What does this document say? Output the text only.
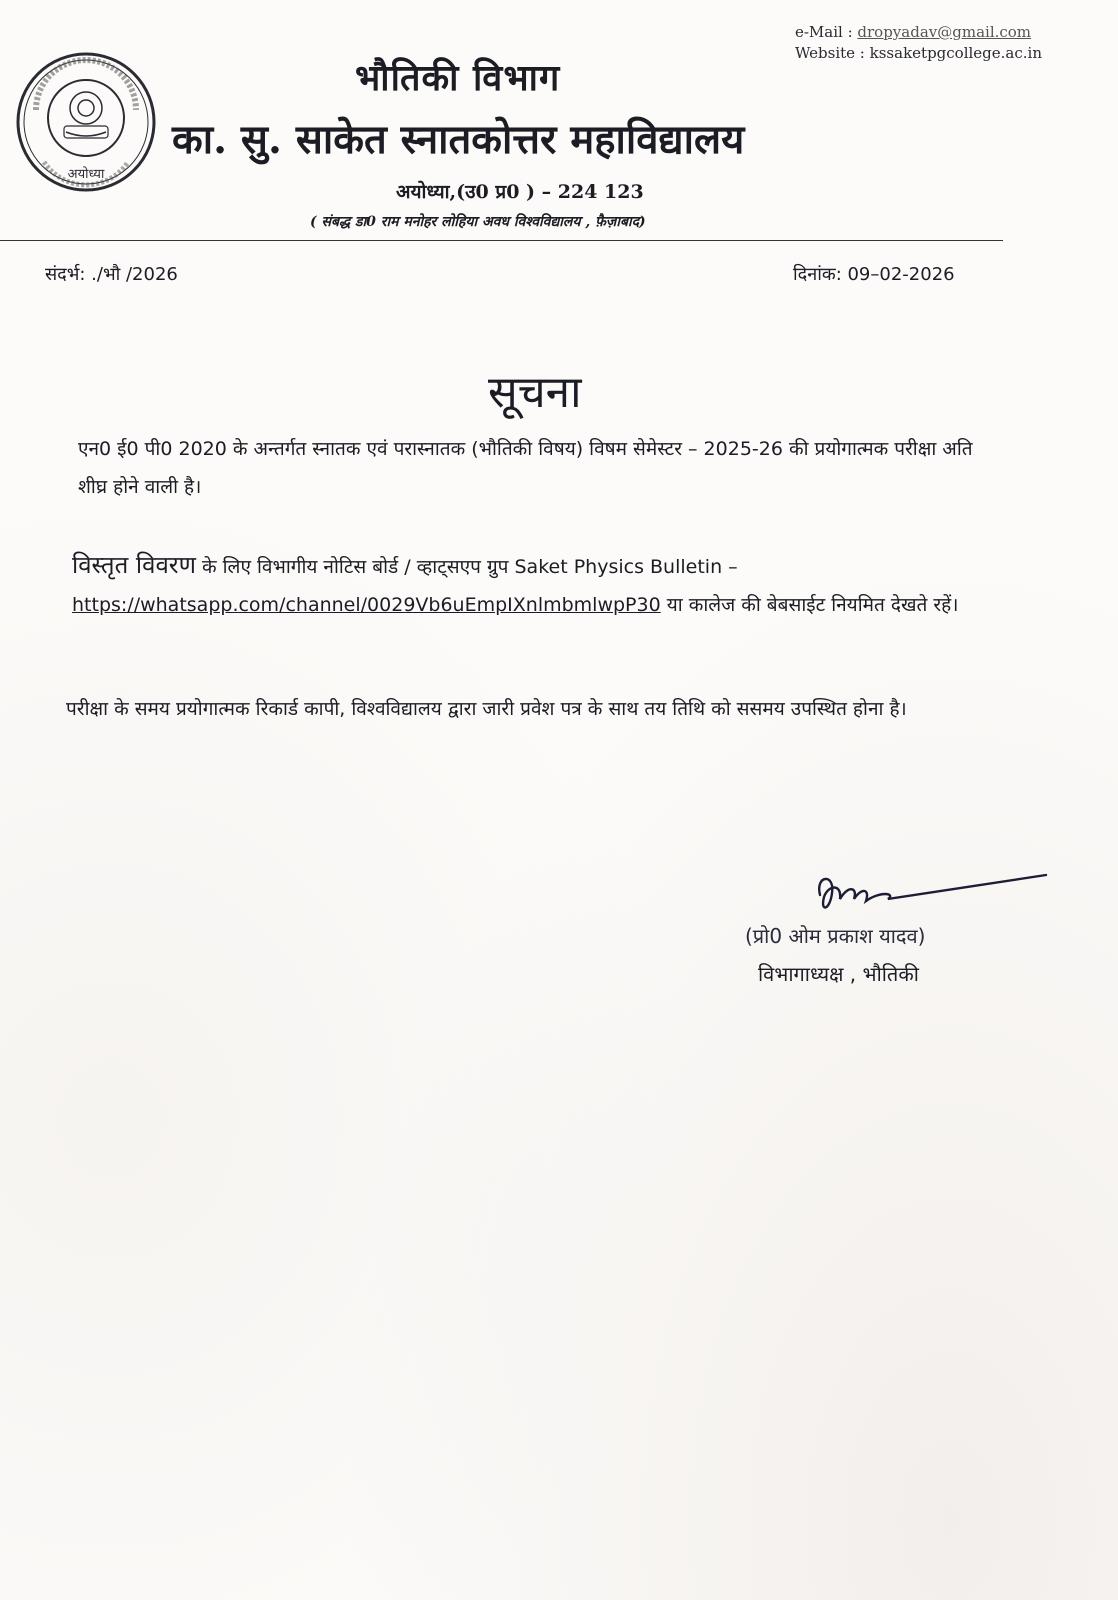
e-Mail : dropyadav@gmail.com
Website : kssaketpgcollege.ac.in
अयोध्या
भौतिकी विभाग
का. सु. साकेत स्नातकोत्तर महाविद्यालय
अयोध्या,(उ0 प्र0 ) – 224 123
( संबद्ध डा0 राम मनोहर लोहिया अवध विश्वविद्यालय , फ़ैज़ाबाद)
संदर्भ: ./भौ /2026	दिनांक: 09–02-2026
सूचना
एन0 ई0 पी0 2020 के अन्तर्गत स्नातक एवं परास्नातक (भौतिकी विषय) विषम सेमेस्टर – 2025-26 की प्रयोगात्मक परीक्षा अति शीघ्र होने वाली है।
विस्तृत विवरण के लिए विभागीय नोटिस बोर्ड / व्हाट्सएप ग्रुप Saket Physics Bulletin – https://whatsapp.com/channel/0029Vb6uEmpIXnlmbmlwpP30 या कालेज की बेबसाईट नियमित देखते रहें।
परीक्षा के समय प्रयोगात्मक रिकार्ड कापी, विश्वविद्यालय द्वारा जारी प्रवेश पत्र के साथ तय तिथि को ससमय उपस्थित होना है।
(प्रो0 ओम प्रकाश यादव)
विभागाध्यक्ष , भौतिकी
